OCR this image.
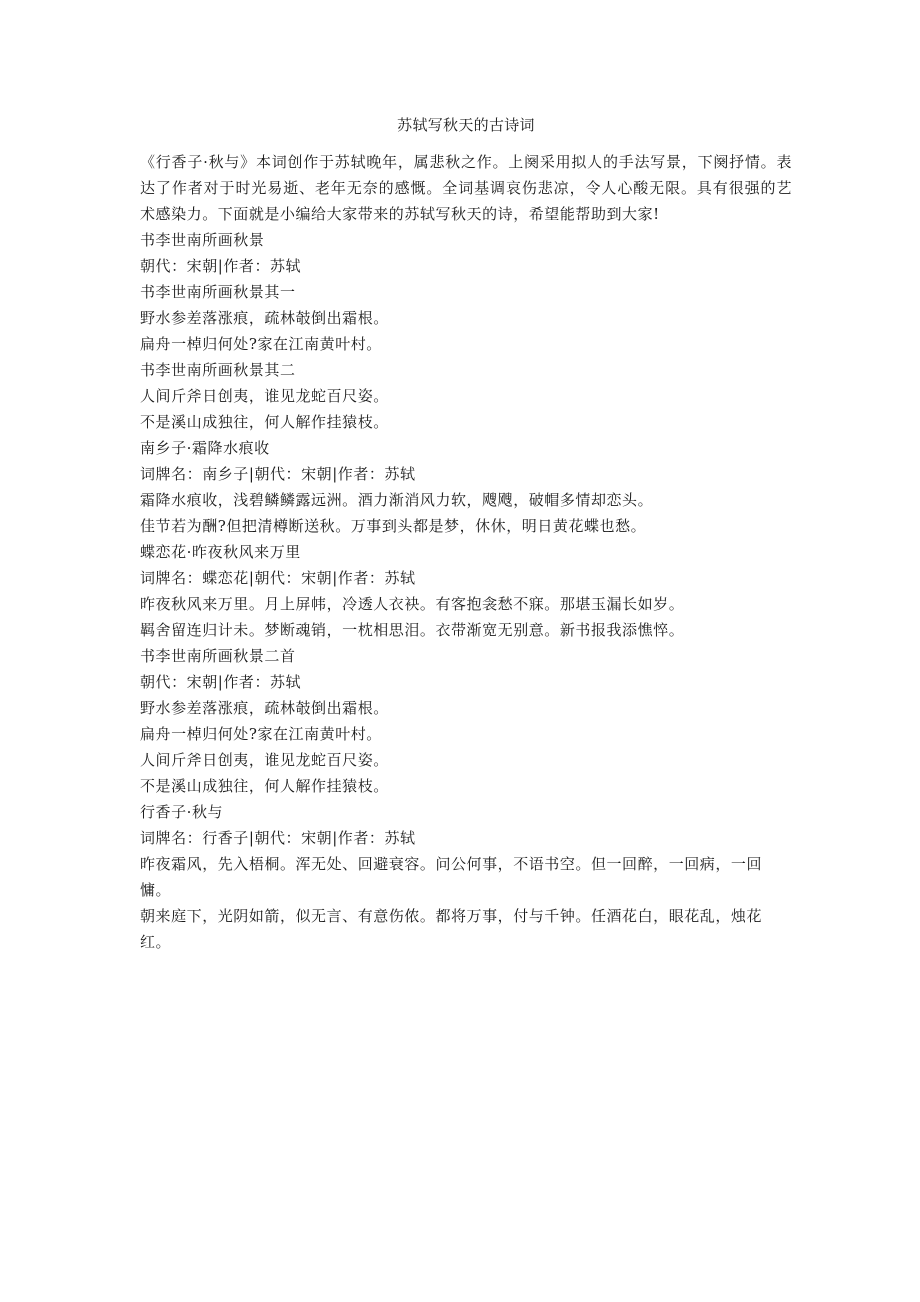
苏轼写秋天的古诗词

《行香子·秋与》本词创作于苏轼晚年，属悲秋之作。上阕采用拟人的手法写景，下阕抒情。表达了作者对于时光易逝、老年无奈的感慨。全词基调哀伤悲凉，令人心酸无限。具有很强的艺术感染力。下面就是小编给大家带来的苏轼写秋天的诗，希望能帮助到大家!

书李世南所画秋景

朝代：宋朝|作者：苏轼

书李世南所画秋景其一

野水参差落涨痕，疏林攲倒出霜根。

扁舟一棹归何处?家在江南黄叶村。

书李世南所画秋景其二

人间斤斧日创夷，谁见龙蛇百尺姿。

不是溪山成独往，何人解作挂猿枝。

南乡子·霜降水痕收

词牌名：南乡子|朝代：宋朝|作者：苏轼

霜降水痕收，浅碧鳞鳞露远洲。酒力渐消风力软，飕飕，破帽多情却恋头。

佳节若为酬?但把清樽断送秋。万事到头都是梦，休休，明日黄花蝶也愁。

蝶恋花·昨夜秋风来万里

词牌名：蝶恋花|朝代：宋朝|作者：苏轼

昨夜秋风来万里。月上屏帏，冷透人衣袂。有客抱衾愁不寐。那堪玉漏长如岁。

羁舍留连归计未。梦断魂销，一枕相思泪。衣带渐宽无别意。新书报我添憔悴。

书李世南所画秋景二首

朝代：宋朝|作者：苏轼

野水参差落涨痕，疏林攲倒出霜根。

扁舟一棹归何处?家在江南黄叶村。

人间斤斧日创夷，谁见龙蛇百尺姿。

不是溪山成独往，何人解作挂猿枝。

行香子·秋与

词牌名：行香子|朝代：宋朝|作者：苏轼

昨夜霜风，先入梧桐。浑无处、回避衰容。问公何事，不语书空。但一回醉，一回病，一回慵。

朝来庭下，光阴如箭，似无言、有意伤侬。都将万事，付与千钟。任酒花白，眼花乱，烛花红。
